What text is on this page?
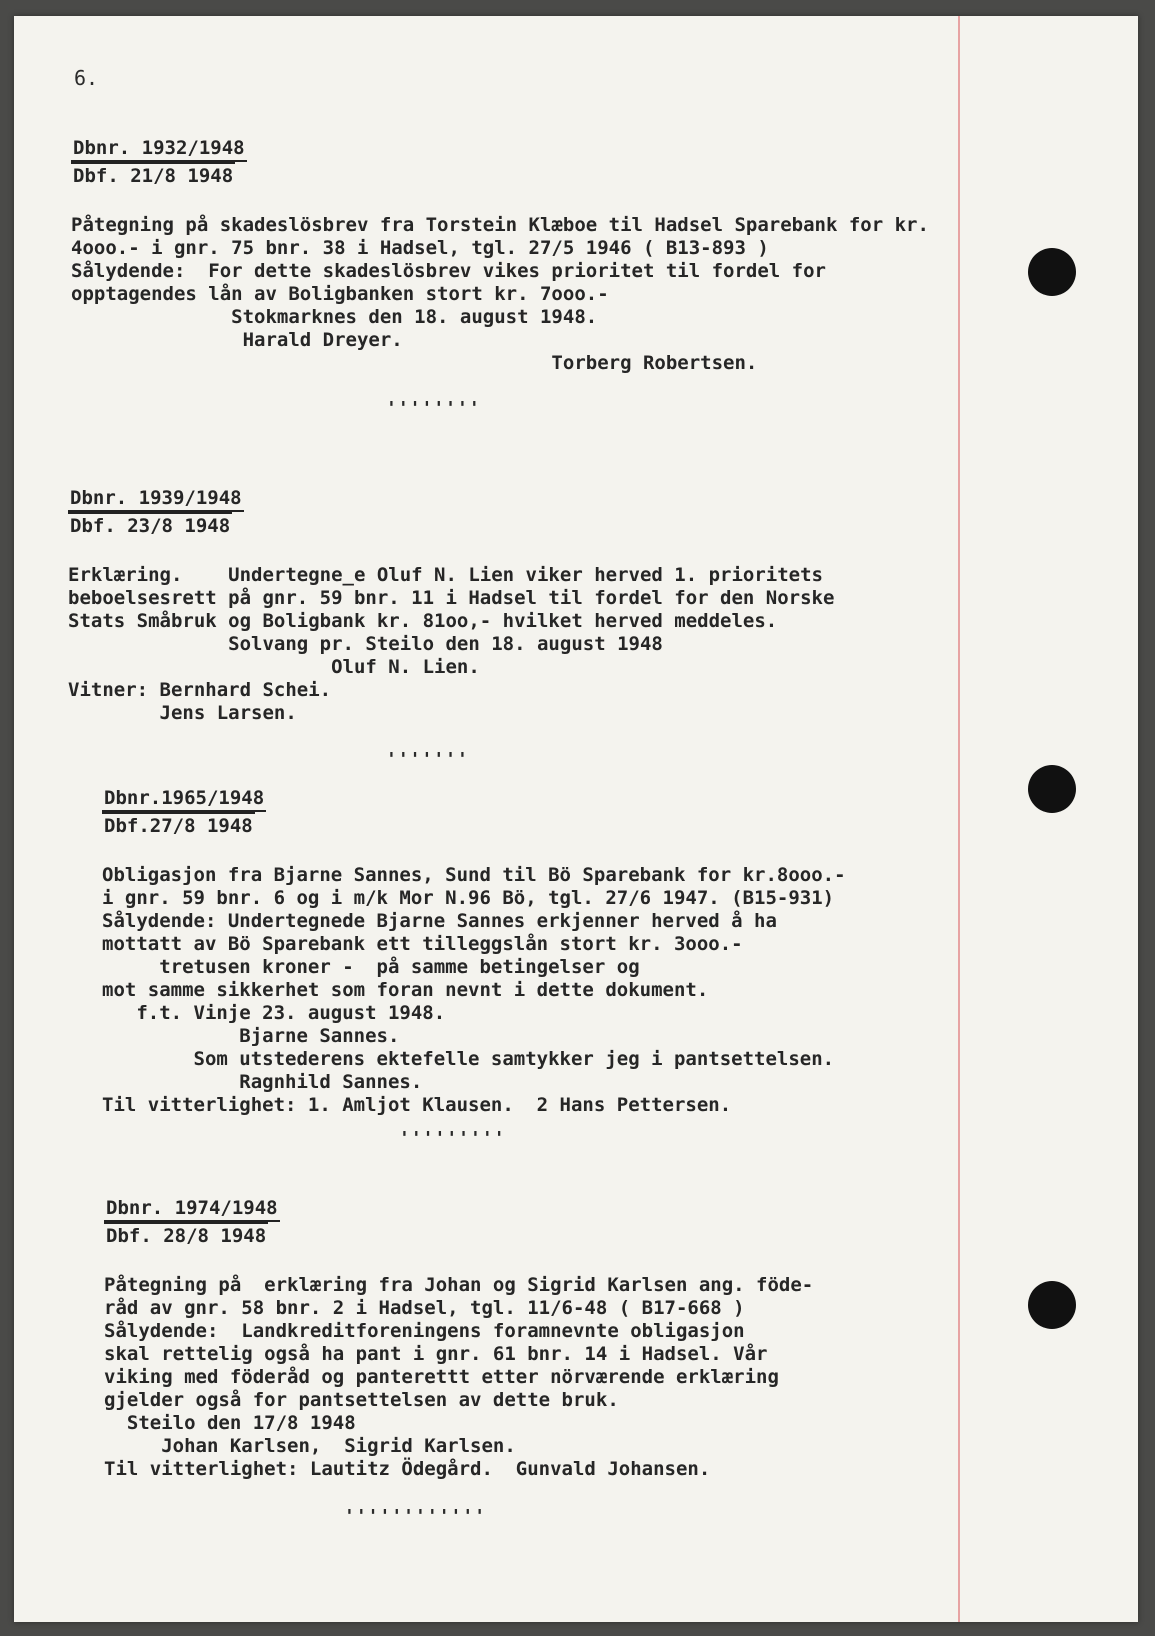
6.
Dbnr. 1932/1948
Dbf. 21/8 1948
Påtegning på skadeslösbrev fra Torstein Klæboe til Hadsel Sparebank for kr.
4ooo.- i gnr. 75 bnr. 38 i Hadsel, tgl. 27/5 1946 ( B13-893 )
Sålydende:  For dette skadeslösbrev vikes prioritet til fordel for
opptagendes lån av Boligbanken stort kr. 7ooo.-
Stokmarknes den 18. august 1948.
Harald Dreyer.
Torberg Robertsen.
''''''''
Dbnr. 1939/1948
Dbf. 23/8 1948
Erklæring.    Undertegne_e Oluf N. Lien viker herved 1. prioritets
beboelsesrett på gnr. 59 bnr. 11 i Hadsel til fordel for den Norske
Stats Småbruk og Boligbank kr. 81oo,- hvilket herved meddeles.
Solvang pr. Steilo den 18. august 1948
Oluf N. Lien.
Vitner: Bernhard Schei.
Jens Larsen.
'''''''
Dbnr.1965/1948
Dbf.27/8 1948
Obligasjon fra Bjarne Sannes, Sund til Bö Sparebank for kr.8ooo.-
i gnr. 59 bnr. 6 og i m/k Mor N.96 Bö, tgl. 27/6 1947. (B15-931)
Sålydende: Undertegnede Bjarne Sannes erkjenner herved å ha
mottatt av Bö Sparebank ett tilleggslån stort kr. 3ooo.-
tretusen kroner -  på samme betingelser og
mot samme sikkerhet som foran nevnt i dette dokument.
f.t. Vinje 23. august 1948.
Bjarne Sannes.
Som utstederens ektefelle samtykker jeg i pantsettelsen.
Ragnhild Sannes.
Til vitterlighet: 1. Amljot Klausen.  2 Hans Pettersen.
'''''''''
Dbnr. 1974/1948
Dbf. 28/8 1948
Påtegning på  erklæring fra Johan og Sigrid Karlsen ang. föde-
råd av gnr. 58 bnr. 2 i Hadsel, tgl. 11/6-48 ( B17-668 )
Sålydende:  Landkreditforeningens foramnevnte obligasjon
skal rettelig også ha pant i gnr. 61 bnr. 14 i Hadsel. Vår
viking med föderåd og panterettt etter nörværende erklæring
gjelder også for pantsettelsen av dette bruk.
Steilo den 17/8 1948
Johan Karlsen,  Sigrid Karlsen.
Til vitterlighet: Lautitz Ödegård.  Gunvald Johansen.
''''''''''''
